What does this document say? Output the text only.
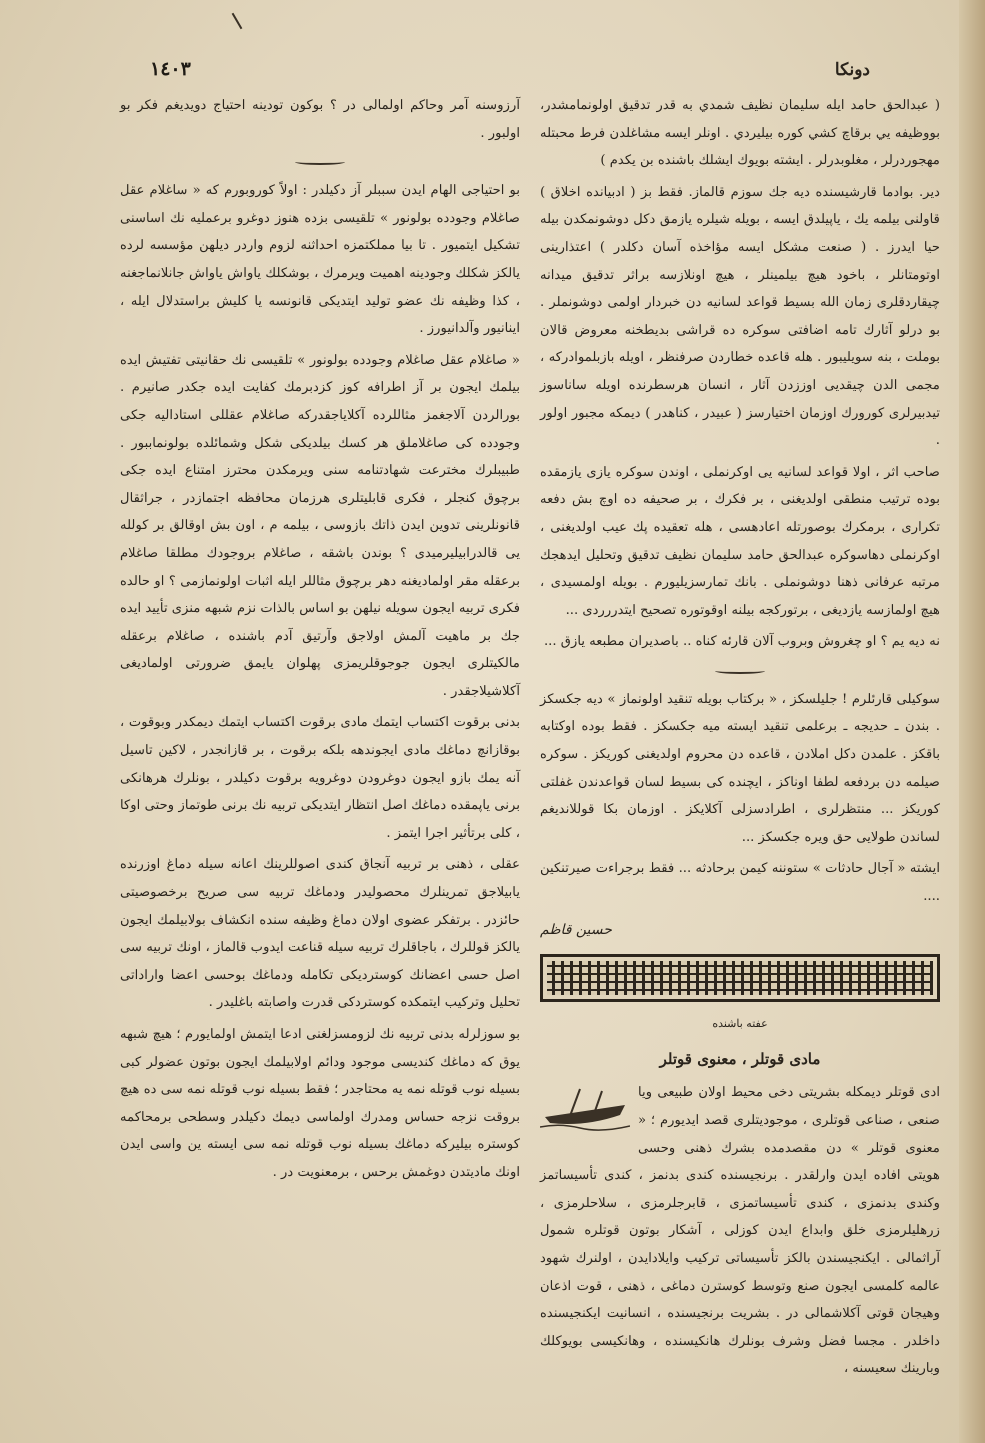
دونكا
١٤٠٣

( عبدالحق حامد ايله سليمان نظيف شمدي به قدر تدقيق اولونمامشدر، بووظيفه يي برقاچ كشي كوره بيليردي . اونلر ايسه مشاغلدن فرط محبتله مهجوردرلر ، مغلوبدرلر . ايشته بويوك ايشلك باشنده بن يكدم )

دير. بوادما قارشيسنده ديه جك سوزم قالماز. فقط بز ( ادبيانده اخلاق ) قاولنى بيلمه يك ، ياپيلدق ايسه ، بويله شيلره يازمق دكل دوشونمكدن بيله حيا ايدرز . ( صنعت مشكل ايسه مؤاخذه آسان دكلدر ) اعتذارينى اوتومتانلر ، باخود هيچ بيلمينلر ، هيچ اونلازسه براثر تدقيق ميدانه چيقاردقلرى زمان الله بسيط قواعد لسانيه دن خبردار اولمى دوشونملر . بو درلو آثارك تامه اضافتى سوكره ده قراشى بديطخنه معروض قالان بوملت ، بنه سويليبور . هله قاعده خطاردن صرفنظر ، اويله بازبلموادركه ، مجمى الدن چيقديى اوززدن آثار ، انسان هرسطرنده اويله ساناسوز تيدبيرلرى كورورك اوزمان اختيارسز ( عبيدر ، كناهدر ) ديمكه مجبور اولور .

صاحب اثر ، اولا قواعد لسانيه يى اوكرنملى ، اوندن سوكره يازى يازمقده بوده ترتيب منطقى اولديغنى ، بر فكرك ، بر صحيفه ده اوچ بش دفعه تكرارى ، برمكرك بوصورتله اعادهسى ، هله تعقيده پك عيب اولديغنى ، اوكرنملى دهاسوكره عبدالحق حامد سليمان نظيف تدقيق وتحليل ايدهجك مرتبه عرفانى ذهنا دوشونملى . بانك تمارسزيليورم . بويله اولمسيدى ، هيچ اولمازسه يازديغى ، برتوركجه بيلنه اوقوتوره تصحيح ايتدررردى ...

نه ديه يم ؟ او چغروش وبروب آلان قارئه كناه .. باصديران مطبعه يازق ...

سوكيلى قارئلرم ! جليلسكز ، « بركتاب بويله تنقيد اولونماز » ديه جكسكز . بندن ـ حديجه ـ برعلمى تنقيد ايسته ميه جكسكز . فقط بوده اوكتابه باقكز . علمدن دكل املادن ، قاعده دن محروم اولديغنى كوريكز . سوكره صيلمه دن بردفعه لطفا اوناكز ، ايچنده كى بسيط لسان قواعدندن غفلتى كوريكز ... منتظرلرى ، اطرادسزلى آكلايكز . اوزمان بكا قوللانديغم لساندن طولايى حق ويره جكسكز ...

ايشته « آجال حادثات » ستوننه كيمن برحادثه ... فقط برجراءت صيرتنكين ....

حسين قاظم
عفته باشنده
مادى قوتلر ، معنوى قوتلر

ادى قوتلر ديمكله بشريتى دخى محيط اولان طبيعى ويا صنعى ، صناعى قوتلرى ، موجوديتلرى قصد ايديورم ؛ « معنوى قوتلر » دن مقصدمده بشرك ذهنى وحسى هويتى افاده ايدن وارلقدر . برنجيسنده كندى بدنمز ، كندى تأسيساتمز وكندى بدنمزى ، كندى تأسيساتمزى ، قابرجلرمزى ، سلاحلرمزى ، زرهليلرمزى خلق وابداع ايدن كوزلى ، آشكار بوتون قوتلره شمول آراثمالى . ايكنجيسندن بالكز تأسيساتى تركيب وايلادايدن ، اولنرك شهود عالمه كلمسى ايجون صنع وتوسط كوسترن دماغى ، ذهنى ، قوت اذعان وهيجان قوتى آكلاشمالى در . بشريت برنجيسنده ، انسانيت ايكنجيسنده داخلدر . مجسا فضل وشرف بونلرك هانكيسنده ، وهانكيسى بويوكلك وبارينك سعيسنه ،

آرزوسنه آمر وحاكم اولمالى در ؟ بوكون تودينه احتياج دويديغم فكر بو اولبور .

بو احتياجى الهام ايدن سببلر آز دكيلدر : اولاً كوروبورم كه « ساغلام عقل صاغلام وجودده بولونور » تلقيسى بزده هنوز دوغرو برعمليه نك اساسنى تشكيل ايتميور . تا بيا مملكتمزه احداثنه لزوم واردر ديلهن مؤسسه لرده يالكز شكلك وجودينه اهميت ويرمرك ، بوشكلك ياواش ياواش جانلانماجغنه ، كذا وظيفه نك عضو توليد ايتديكى قانونسه يا كليش براستدلال ايله ، اينانيور وآلدانيورز .

« صاغلام عقل صاغلام وجودده بولونور » تلقيسى نك حقانيتى تفتيش ايده بيلمك ايجون بر آز اطرافه كوز كزدبرمك كفايت ايده جكدر صانيرم . بورالردن آلاجغمز مثاللرده آكلاياجقدركه صاغلام عقللى استاداليه جكى وجودده كى صاغلاملق هر كسك بيلديكى شكل وشمائلده بولونماببور . طبيبلرك مخترعت شهادتنامه سنى ويرمكدن محترز امتناع ايده جكى برچوق كنجلر ، فكرى قابليتلرى هرزمان محافظه اجتمازدر ، جراثقال قانونلرينى تدوين ايدن ذاتك بازوسى ، بيلمه م ، اون بش اوقالق بر كولله يى قالدرابيليرميدى ؟ بوندن باشقه ، صاغلام بروجودك مطلقا صاغلام برعقله مقر اولماديغنه دهر برچوق مثاللر ايله اثبات اولونمازمى ؟ او حالده فكرى تربيه ايجون سويله نيلهن بو اساس بالذات نزم شبهه منزى تأييد ايده جك بر ماهيت آلمش اولاجق وآرتيق آدم باشنده ، صاغلام برعقله مالكيتلرى ايجون جوجوقلريمزى پهلوان يايمق ضرورتى اولماديغى آكلاشيلاجقدر .

بدنى برقوت اكتساب ايتمك مادى برقوت اكتساب ايتمك ديمكدر وبوقوت ، بوقازانچ دماغك مادى ايجوندهه بلكه برقوت ، بر قازانجدر ، لاكين تاسيل آنه يمك بازو ايجون دوغرودن دوغرويه برقوت دكيلدر ، بونلرك هرهانكى برنى ياپمقده دماغك اصل انتظار ايتديكى تربيه نك برنى طوتماز وحتى اوكا ، كلى برتأثير اجرا ايتمز .

عقلى ، ذهنى بر تربيه آنجاق كندى اصوللرينك اعانه سيله دماغ اوزرنده يابيلاجق تمرينلرك محصوليدر ودماغك تربيه سى صريح برخصوصيتى حائزدر . برتفكر عضوى اولان دماغ وظيفه سنده انكشاف بولابيلمك ايجون يالكز قوللرك ، باجاقلرك تربيه سيله قناعت ايدوب قالماز ، اونك تربيه سى اصل حسى اعضانك كوسترديكى تكامله ودماغك بوحسى اعضا واراداتى تحليل وتركيب ايتمكده كوستردكى قدرت واصابته باغليدر .

بو سوزلرله بدنى تربيه نك لزومسزلغنى ادعا ايتمش اولمايورم ؛ هيچ شبهه يوق كه دماغك كنديسى موجود ودائم اولابيلمك ايجون بوتون عضولر كبى بسيله نوب قوتله نمه يه محتاجدر ؛ فقط بسيله نوب قوتله نمه سى ده هيچ بروقت نزجه حساس ومدرك اولماسى ديمك دكيلدر وسطحى برمحاكمه كوستره بيليركه دماغك بسيله نوب قوتله نمه سى ايسته ين واسى ايدن اونك ماديتدن دوغمش برحس ، برمعنويت در .
